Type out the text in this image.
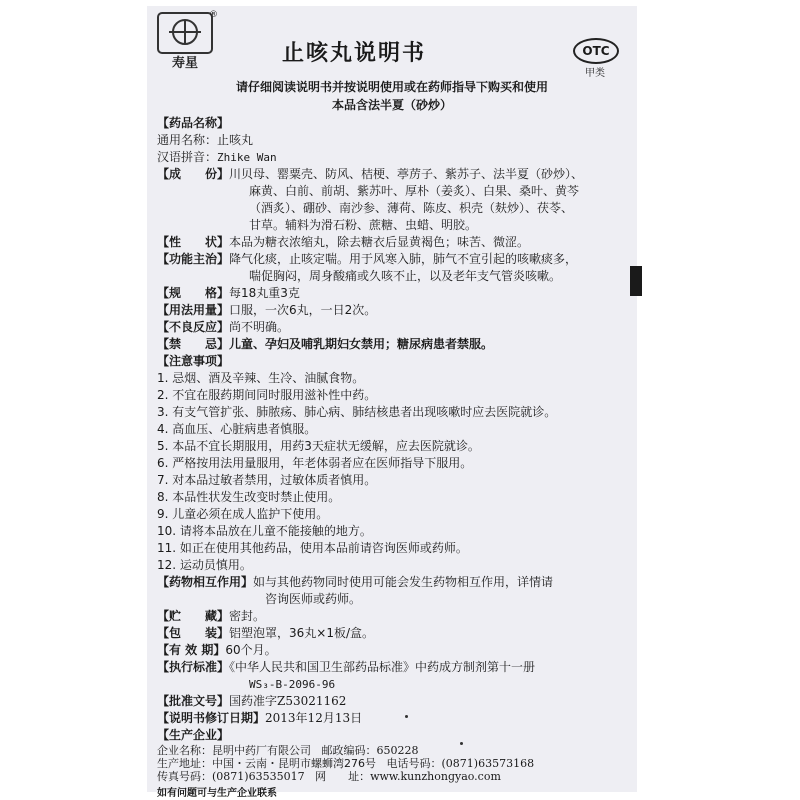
寿星
®
止咳丸说明书	OTC
甲类
请仔细阅读说明书并按说明使用或在药师指导下购买和使用
本品含法半夏（砂炒）
【药品名称】
通用名称：止咳丸
汉语拼音：Zhike Wan
【成　　份】川贝母、罂粟壳、防风、桔梗、葶苈子、紫苏子、法半夏（砂炒）、
麻黄、白前、前胡、紫苏叶、厚朴（姜炙）、白果、桑叶、黄芩
（酒炙）、硼砂、南沙参、薄荷、陈皮、枳壳（麸炒）、茯苓、
甘草。辅料为滑石粉、蔗糖、虫蜡、明胶。
【性　　状】本品为糖衣浓缩丸，除去糖衣后显黄褐色；味苦、微涩。
【功能主治】降气化痰，止咳定喘。用于风寒入肺，肺气不宣引起的咳嗽痰多，
喘促胸闷，周身酸痛或久咳不止，以及老年支气管炎咳嗽。
【规　　格】每18丸重3克
【用法用量】口服，一次6丸，一日2次。
【不良反应】尚不明确。
【禁　　忌】儿童、孕妇及哺乳期妇女禁用；糖尿病患者禁服。
【注意事项】
1. 忌烟、酒及辛辣、生冷、油腻食物。
2. 不宜在服药期间同时服用滋补性中药。
3. 有支气管扩张、肺脓疡、肺心病、肺结核患者出现咳嗽时应去医院就诊。
4. 高血压、心脏病患者慎服。
5. 本品不宜长期服用，用药3天症状无缓解，应去医院就诊。
6. 严格按用法用量服用，年老体弱者应在医师指导下服用。
7. 对本品过敏者禁用，过敏体质者慎用。
8. 本品性状发生改变时禁止使用。
9. 儿童必须在成人监护下使用。
10. 请将本品放在儿童不能接触的地方。
11. 如正在使用其他药品，使用本品前请咨询医师或药师。
12. 运动员慎用。
【药物相互作用】如与其他药物同时使用可能会发生药物相互作用，详情请
咨询医师或药师。
【贮　　藏】密封。
【包　　装】铝塑泡罩，36丸×1板/盒。
【有 效 期】60个月。
【执行标准】《中华人民共和国卫生部药品标准》中药成方制剂第十一册
WS₃-B-2096-96
【批准文号】国药准字Z53021162
【说明书修订日期】2013年12月13日
【生产企业】
企业名称：昆明中药厂有限公司 邮政编码：650228
生产地址：中国・云南・昆明市螺蛳湾276号 电话号码：(0871)63573168
传真号码：(0871)63535017 网　　址：www.kunzhongyao.com
如有问题可与生产企业联系
